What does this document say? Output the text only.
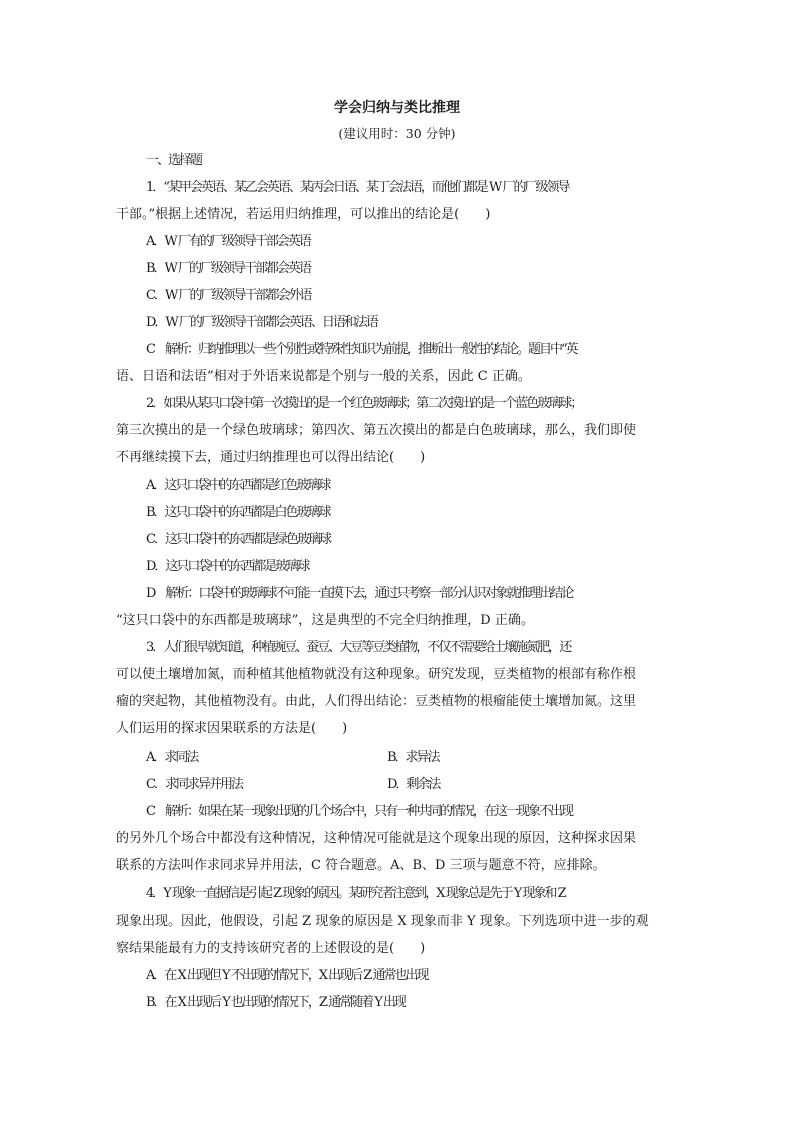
学会归纳与类比推理
(建议用时：30 分钟)
一、选择题
1．“某甲会英语、某乙会英语、某丙会日语、某丁会法语，而他们都是 W 厂的厂级领导
干部。”根据上述情况，若运用归纳推理，可以推出的结论是(　　)
A．W 厂有的厂级领导干部会英语
B．W 厂的厂级领导干部都会英语
C．W 厂的厂级领导干部都会外语
D．W 厂的厂级领导干部都会英语、日语和法语
C　解析：归纳推理以一些个别性或特殊性知识为前提，推断出一般性的结论。题目中“英
语、日语和法语”相对于外语来说都是个别与一般的关系，因此 C 正确。
2．如果从某只口袋中第一次摸出的是一个红色玻璃球；第二次摸出的是一个蓝色玻璃球；
第三次摸出的是一个绿色玻璃球；第四次、第五次摸出的都是白色玻璃球，那么，我们即使
不再继续摸下去，通过归纳推理也可以得出结论(　　)
A．这只口袋中的东西都是红色玻璃球
B．这只口袋中的东西都是白色玻璃球
C．这只口袋中的东西都是绿色玻璃球
D．这只口袋中的东西都是玻璃球
D　解析：口袋中的玻璃球不可能一直摸下去，通过只考察一部分认识对象就推理出结论
“这只口袋中的东西都是玻璃球”，这是典型的不完全归纳推理，D 正确。
3．人们很早就知道，种植豌豆、蚕豆、大豆等豆类植物，不仅不需要给土壤施氮肥，还
可以使土壤增加氮，而种植其他植物就没有这种现象。研究发现，豆类植物的根部有称作根
瘤的突起物，其他植物没有。由此，人们得出结论：豆类植物的根瘤能使土壤增加氮。这里
人们运用的探求因果联系的方法是(　　)
A．求同法	B．求异法
C．求同求异并用法	D．剩余法
C　解析：如果在某一现象出现的几个场合中，只有一种共同的情况，在这一现象不出现
的另外几个场合中都没有这种情况，这种情况可能就是这个现象出现的原因，这种探求因果
联系的方法叫作求同求异并用法，C 符合题意。A、B、D 三项与题意不符，应排除。
4．Y 现象一直据信是引起 Z 现象的原因。某研究者注意到，X 现象总是先于 Y 现象和 Z
现象出现。因此，他假设，引起 Z 现象的原因是 X 现象而非 Y 现象。下列选项中进一步的观
察结果能最有力的支持该研究者的上述假设的是(　　)
A．在 X 出现但 Y 不出现的情况下，X 出现后 Z 通常也出现
B．在 X 出现后 Y 也出现的情况下，Z 通常随着 Y 出现
